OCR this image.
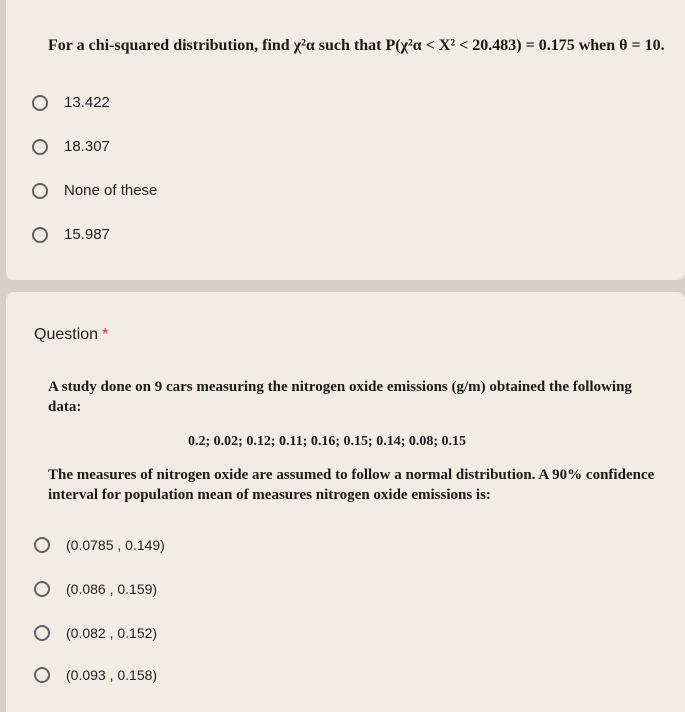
For a chi-squared distribution, find χ²α such that P(χ²α < X² < 20.483) = 0.175 when θ = 10.
13.422
18.307
None of these
15.987
Question *
A study done on 9 cars measuring the nitrogen oxide emissions (g/m) obtained the following data:
0.2; 0.02; 0.12; 0.11; 0.16; 0.15; 0.14; 0.08; 0.15
The measures of nitrogen oxide are assumed to follow a normal distribution. A 90% confidence interval for population mean of measures nitrogen oxide emissions is:
(0.0785 , 0.149)
(0.086 , 0.159)
(0.082 , 0.152)
(0.093 , 0.158)
